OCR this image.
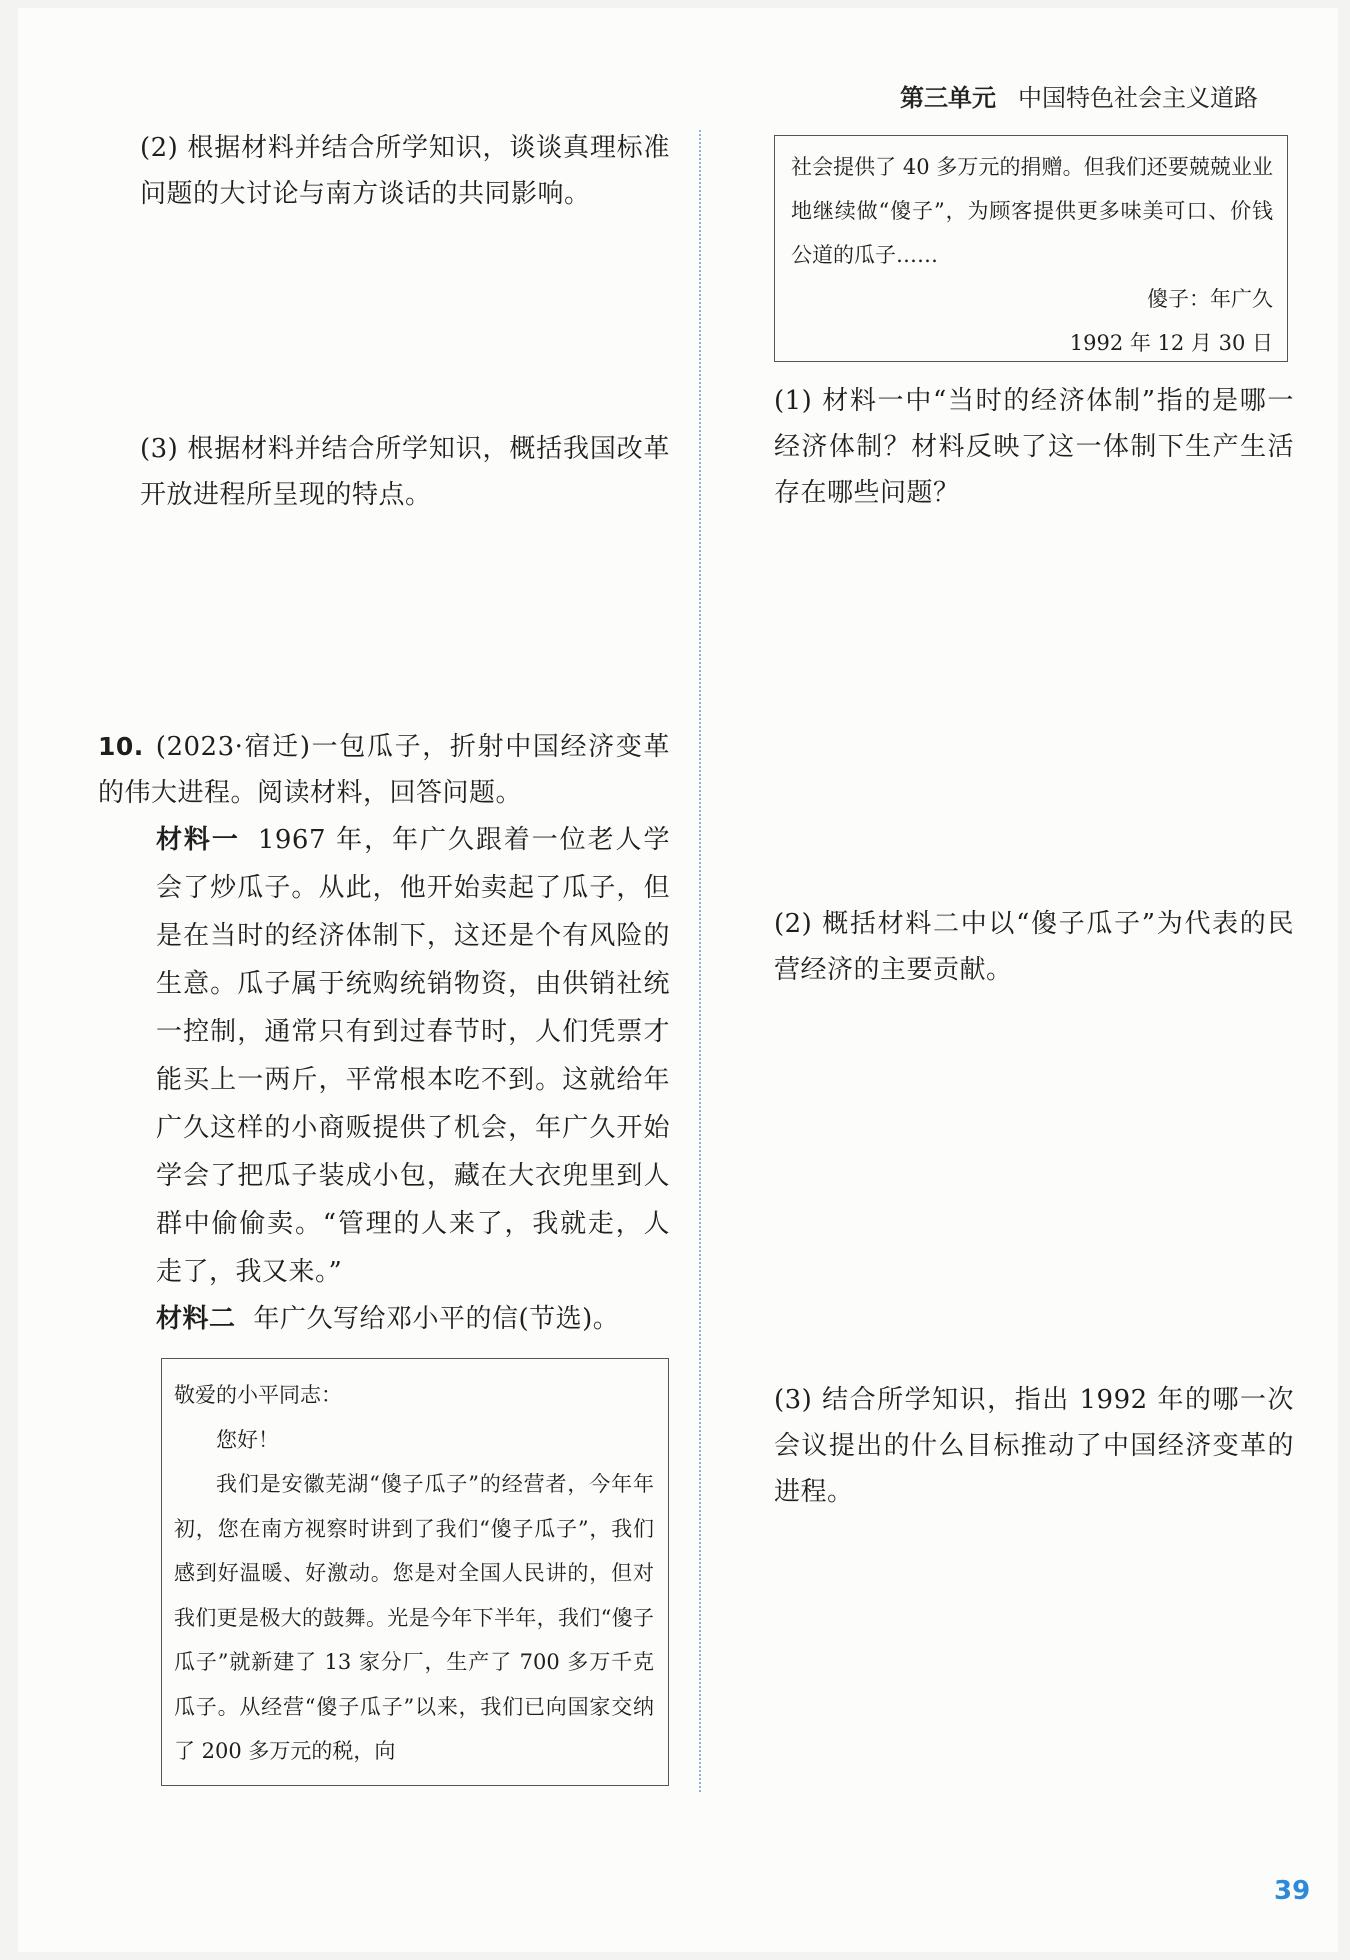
第三单元 中国特色社会主义道路

(2) 根据材料并结合所学知识，谈谈真理标准问题的大讨论与南方谈话的共同影响。

(3) 根据材料并结合所学知识，概括我国改革开放进程所呈现的特点。

10. (2023·宿迁)一包瓜子，折射中国经济变革的伟大进程。阅读材料，回答问题。

材料一 1967 年，年广久跟着一位老人学会了炒瓜子。从此，他开始卖起了瓜子，但是在当时的经济体制下，这还是个有风险的生意。瓜子属于统购统销物资，由供销社统一控制，通常只有到过春节时，人们凭票才能买上一两斤，平常根本吃不到。这就给年广久这样的小商贩提供了机会，年广久开始学会了把瓜子装成小包，藏在大衣兜里到人群中偷偷卖。“管理的人来了，我就走，人走了，我又来。”

材料二 年广久写给邓小平的信(节选)。

敬爱的小平同志：

您好！

我们是安徽芜湖“傻子瓜子”的经营者，今年年初，您在南方视察时讲到了我们“傻子瓜子”，我们感到好温暖、好激动。您是对全国人民讲的，但对我们更是极大的鼓舞。光是今年下半年，我们“傻子瓜子”就新建了 13 家分厂，生产了 700 多万千克瓜子。从经营“傻子瓜子”以来，我们已向国家交纳了 200 多万元的税，向

社会提供了 40 多万元的捐赠。但我们还要兢兢业业地继续做“傻子”，为顾客提供更多味美可口、价钱公道的瓜子……

傻子：年广久

1992 年 12 月 30 日

(1) 材料一中“当时的经济体制”指的是哪一经济体制？材料反映了这一体制下生产生活存在哪些问题？

(2) 概括材料二中以“傻子瓜子”为代表的民营经济的主要贡献。

(3) 结合所学知识，指出 1992 年的哪一次会议提出的什么目标推动了中国经济变革的进程。

39
